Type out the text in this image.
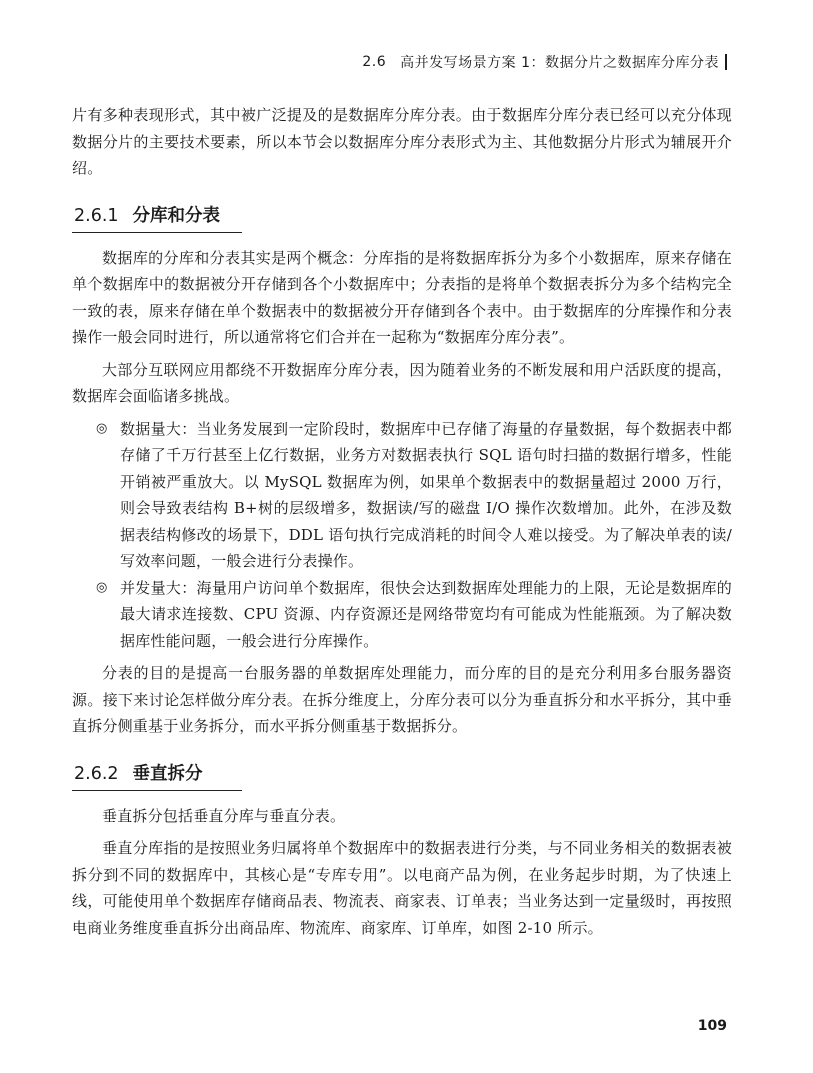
2.6 高并发写场景方案 1：数据分片之数据库分库分表

片有多种表现形式，其中被广泛提及的是数据库分库分表。由于数据库分库分表已经可以充分体现数据分片的主要技术要素，所以本节会以数据库分库分表形式为主、其他数据分片形式为辅展开介绍。

2.6.1 分库和分表

数据库的分库和分表其实是两个概念：分库指的是将数据库拆分为多个小数据库，原来存储在单个数据库中的数据被分开存储到各个小数据库中；分表指的是将单个数据表拆分为多个结构完全一致的表，原来存储在单个数据表中的数据被分开存储到各个表中。由于数据库的分库操作和分表操作一般会同时进行，所以通常将它们合并在一起称为“数据库分库分表”。

大部分互联网应用都绕不开数据库分库分表，因为随着业务的不断发展和用户活跃度的提高，数据库会面临诸多挑战。

◎ 数据量大：当业务发展到一定阶段时，数据库中已存储了海量的存量数据，每个数据表中都存储了千万行甚至上亿行数据，业务方对数据表执行 SQL 语句时扫描的数据行增多，性能开销被严重放大。以 MySQL 数据库为例，如果单个数据表中的数据量超过 2000 万行，则会导致表结构 B+树的层级增多，数据读/写的磁盘 I/O 操作次数增加。此外，在涉及数据表结构修改的场景下，DDL 语句执行完成消耗的时间令人难以接受。为了解决单表的读/写效率问题，一般会进行分表操作。
◎ 并发量大：海量用户访问单个数据库，很快会达到数据库处理能力的上限，无论是数据库的最大请求连接数、CPU 资源、内存资源还是网络带宽均有可能成为性能瓶颈。为了解决数据库性能问题，一般会进行分库操作。

分表的目的是提高一台服务器的单数据库处理能力，而分库的目的是充分利用多台服务器资源。接下来讨论怎样做分库分表。在拆分维度上，分库分表可以分为垂直拆分和水平拆分，其中垂直拆分侧重基于业务拆分，而水平拆分侧重基于数据拆分。

2.6.2 垂直拆分

垂直拆分包括垂直分库与垂直分表。

垂直分库指的是按照业务归属将单个数据库中的数据表进行分类，与不同业务相关的数据表被拆分到不同的数据库中，其核心是“专库专用”。以电商产品为例，在业务起步时期，为了快速上线，可能使用单个数据库存储商品表、物流表、商家表、订单表；当业务达到一定量级时，再按照电商业务维度垂直拆分出商品库、物流库、商家库、订单库，如图 2-10 所示。

109
